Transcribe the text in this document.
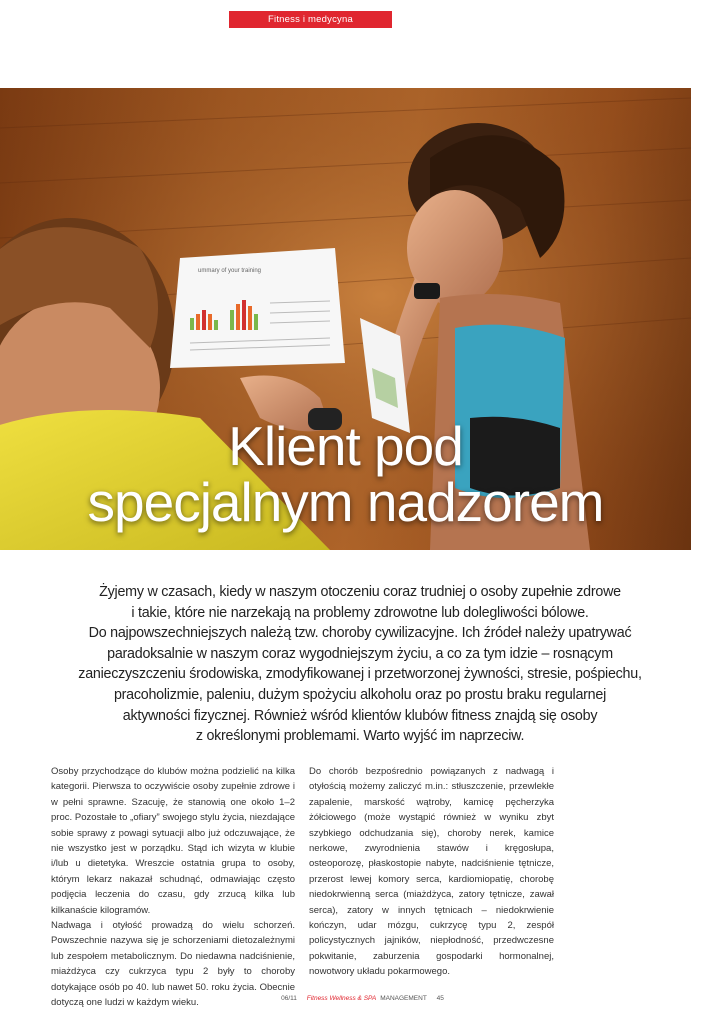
Fitness i medycyna
ummary of your training
Klient pod
specjalnym nadzorem

Żyjemy w czasach, kiedy w naszym otoczeniu coraz trudniej o osoby zupełnie zdrowe
i takie, które nie narzekają na problemy zdrowotne lub dolegliwości bólowe.
Do najpowszechniejszych należą tzw. choroby cywilizacyjne. Ich źródeł należy upatrywać
paradoksalnie w naszym coraz wygodniejszym życiu, a co za tym idzie – rosnącym
zanieczyszczeniu środowiska, zmodyfikowanej i przetworzonej żywności, stresie, pośpiechu,
pracoholizmie, paleniu, dużym spożyciu alkoholu oraz po prostu braku regularnej
aktywności fizycznej. Również wśród klientów klubów fitness znajdą się osoby
z określonymi problemami. Warto wyjść im naprzeciw.

Osoby przychodzące do klubów można podzielić na kilka kategorii. Pierwsza to oczywiście osoby zupełnie zdrowe i w pełni sprawne. Szacuję, że stanowią one około 1–2 proc. Pozostałe to „ofiary” swojego stylu życia, niezdające sobie sprawy z powagi sytuacji albo już odczuwające, że nie wszystko jest w porządku. Stąd ich wizyta w klubie i/lub u dietetyka. Wreszcie ostatnia grupa to osoby, którym lekarz nakazał schudnąć, odmawiając często podjęcia leczenia do czasu, gdy zrzucą kilka lub kilkanaście kilogramów.

Nadwaga i otyłość prowadzą do wielu schorzeń. Powszechnie nazywa się je schorzeniami dietozależnymi lub zespołem metabolicznym. Do niedawna nadciśnienie, miażdżyca czy cukrzyca typu 2 były to choroby dotykające osób po 40. lub nawet 50. roku życia. Obecnie dotyczą one ludzi w każdym wieku.

Do chorób bezpośrednio powiązanych z nadwagą i otyłością możemy zaliczyć m.in.: stłuszczenie, przewlekłe zapalenie, marskość wątroby, kamicę pęcherzyka żółciowego (może wystąpić również w wyniku zbyt szybkiego odchudzania się), choroby nerek, kamice nerkowe, zwyrodnienia stawów i kręgosłupa, osteoporozę, płaskostopie nabyte, nadciśnienie tętnicze, przerost lewej komory serca, kardiomiopatię, chorobę niedokrwienną serca (miażdżyca, zatory tętnicze, zawał serca), zatory w innych tętnicach – niedokrwienie kończyn, udar mózgu, cukrzycę typu 2, zespół policystycznych jajników, niepłodność, przedwczesne pokwitanie, zaburzenia gospodarki hormonalnej, nowotwory układu pokarmowego.

06/11 Fitness Wellness & SPA MANAGEMENT 45
